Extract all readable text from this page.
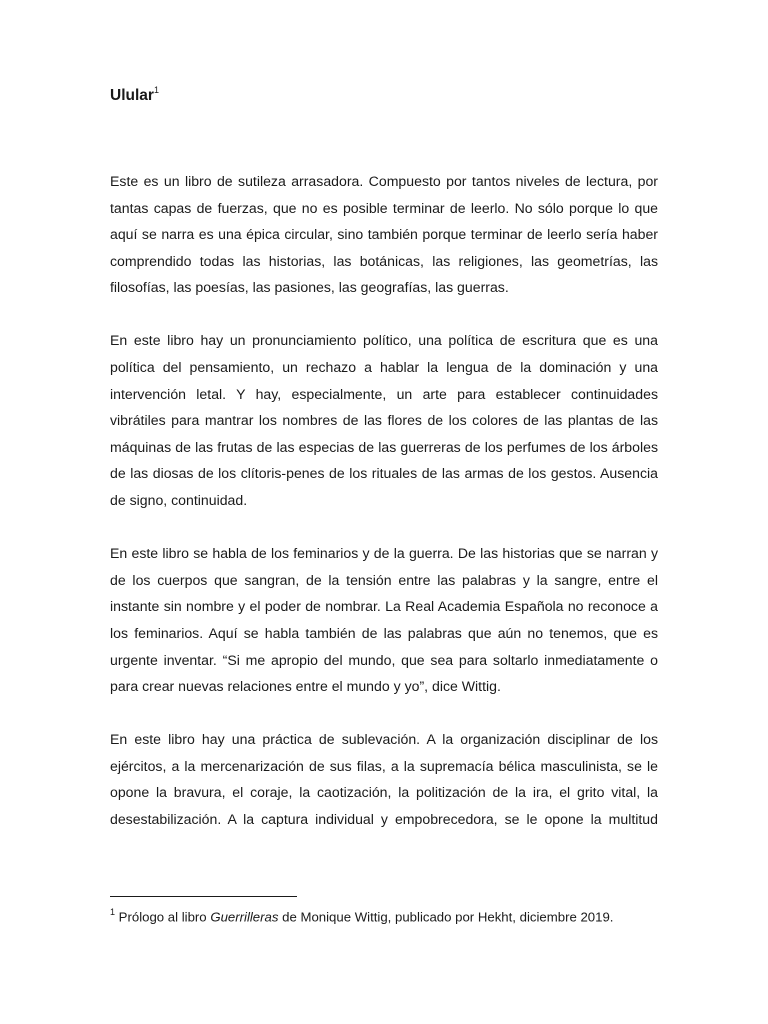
Ulular$^1$

Este es un libro de sutileza arrasadora. Compuesto por tantos niveles de lectura, por tantas capas de fuerzas, que no es posible terminar de leerlo. No sólo porque lo que aquí se narra es una épica circular, sino también porque terminar de leerlo sería haber comprendido todas las historias, las botánicas, las religiones, las geometrías, las filosofías, las poesías, las pasiones, las geografías, las guerras.

En este libro hay un pronunciamiento político, una política de escritura que es una política del pensamiento, un rechazo a hablar la lengua de la dominación y una intervención letal. Y hay, especialmente, un arte para establecer continuidades vibrátiles para mantrar los nombres de las flores de los colores de las plantas de las máquinas de las frutas de las especias de las guerreras de los perfumes de los árboles de las diosas de los clítoris-penes de los rituales de las armas de los gestos. Ausencia de signo, continuidad.

En este libro se habla de los feminarios y de la guerra. De las historias que se narran y de los cuerpos que sangran, de la tensión entre las palabras y la sangre, entre el instante sin nombre y el poder de nombrar. La Real Academia Española no reconoce a los feminarios. Aquí se habla también de las palabras que aún no tenemos, que es urgente inventar. “Si me apropio del mundo, que sea para soltarlo inmediatamente o para crear nuevas relaciones entre el mundo y yo”, dice Wittig.

En este libro hay una práctica de sublevación. A la organización disciplinar de los ejércitos, a la mercenarización de sus filas, a la supremacía bélica masculinista, se le opone la bravura, el coraje, la caotización, la politización de la ira, el grito vital, la desestabilización. A la captura individual y empobrecedora, se le opone la multitud

$^1$ Prólogo al libro Guerrilleras de Monique Wittig, publicado por Hekht, diciembre 2019.
